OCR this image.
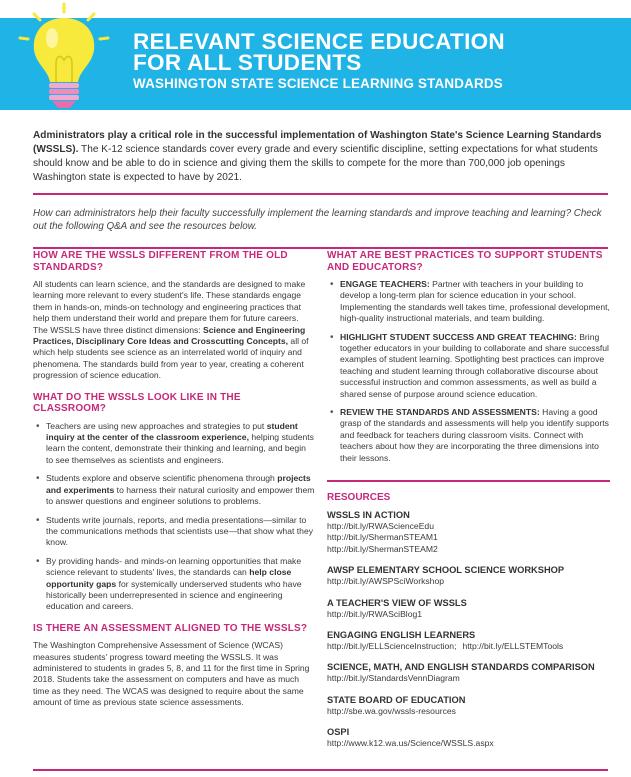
RELEVANT SCIENCE EDUCATION
FOR ALL STUDENTS
WASHINGTON STATE SCIENCE LEARNING STANDARDS
Administrators play a critical role in the successful implementation of Washington State's Science Learning Standards (WSSLS). The K-12 science standards cover every grade and every scientific discipline, setting expectations for what students should know and be able to do in science and giving them the skills to compete for the more than 700,000 job openings Washington state is expected to have by 2021.
How can administrators help their faculty successfully implement the learning standards and improve teaching and learning? Check out the following Q&A and see the resources below.
HOW ARE THE WSSLS DIFFERENT FROM THE OLD STANDARDS?
All students can learn science, and the standards are designed to make learning more relevant to every student's life. These standards engage them in hands-on, minds-on technology and engineering practices that help them understand their world and prepare them for future careers. The WSSLS have three distinct dimensions: Science and Engineering Practices, Disciplinary Core Ideas and Crosscutting Concepts, all of which help students see science as an interrelated world of inquiry and phenomena. The standards build from year to year, creating a coherent progression of science education.
WHAT DO THE WSSLS LOOK LIKE IN THE CLASSROOM?
• Teachers are using new approaches and strategies to put student inquiry at the center of the classroom experience, helping students learn the content, demonstrate their thinking and learning, and begin to see themselves as scientists and engineers.
• Students explore and observe scientific phenomena through projects and experiments to harness their natural curiosity and empower them to answer questions and engineer solutions to problems.
• Students write journals, reports, and media presentations—similar to the communications methods that scientists use—that show what they know.
• By providing hands- and minds-on learning opportunities that make science relevant to students' lives, the standards can help close opportunity gaps for systemically underserved students who have historically been underrepresented in science and engineering education and careers.
IS THERE AN ASSESSMENT ALIGNED TO THE WSSLS?
The Washington Comprehensive Assessment of Science (WCAS) measures students' progress toward meeting the WSSLS. It was administered to students in grades 5, 8, and 11 for the first time in Spring 2018. Students take the assessment on computers and have as much time as they need. The WCAS was designed to require about the same amount of time as previous state science assessments.
WHAT ARE BEST PRACTICES TO SUPPORT STUDENTS AND EDUCATORS?
• ENGAGE TEACHERS: Partner with teachers in your building to develop a long-term plan for science education in your school. Implementing the standards well takes time, professional development, high-quality instructional materials, and team building.
• HIGHLIGHT STUDENT SUCCESS AND GREAT TEACHING: Bring together educators in your building to collaborate and share successful examples of student learning. Spotlighting best practices can improve teaching and student learning through collaborative discourse about successful instruction and common assessments, as well as build a shared sense of purpose around science education.
• REVIEW THE STANDARDS AND ASSESSMENTS: Having a good grasp of the standards and assessments will help you identify supports and feedback for teachers during classroom visits. Connect with teachers about how they are incorporating the three dimensions into their lessons.
RESOURCES
WSSLS IN ACTION
http://bit.ly/RWAScienceEdu
http://bit.ly/ShermanSTEAM1
http://bit.ly/ShermanSTEAM2
AWSP ELEMENTARY SCHOOL SCIENCE WORKSHOP
http://bit.ly/AWSPSciWorkshop
A TEACHER'S VIEW OF WSSLS
http://bit.ly/RWASciBlog1
ENGAGING ENGLISH LEARNERS
http://bit.ly/ELLScienceInstruction; http://bit.ly/ELLSTEMTools
SCIENCE, MATH, AND ENGLISH STANDARDS COMPARISON
http://bit.ly/StandardsVennDiagram
STATE BOARD OF EDUCATION
http://sbe.wa.gov/wssls-resources
OSPI
http://www.k12.wa.us/Science/WSSLS.aspx
